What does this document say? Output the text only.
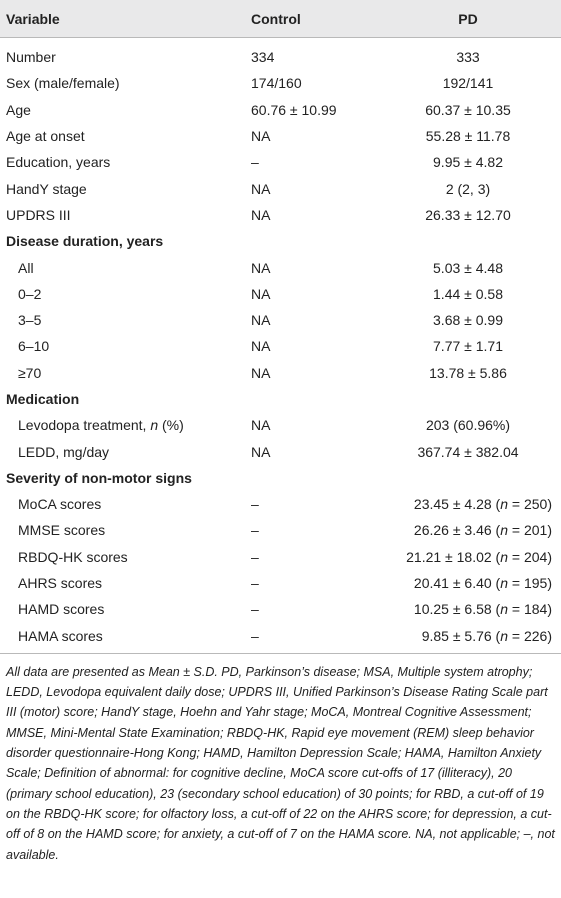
Variable	Control	PD
Number	334	333
Sex (male/female)	174/160	192/141
Age	60.76 ± 10.99	60.37 ± 10.35
Age at onset	NA	55.28 ± 11.78
Education, years	–	9.95 ± 4.82
HandY stage	NA	2 (2, 3)
UPDRS III	NA	26.33 ± 12.70
Disease duration, years		
All	NA	5.03 ± 4.48
0–2	NA	1.44 ± 0.58
3–5	NA	3.68 ± 0.99
6–10	NA	7.77 ± 1.71
≥70	NA	13.78 ± 5.86
Medication		
Levodopa treatment, n (%)	NA	203 (60.96%)
LEDD, mg/day	NA	367.74 ± 382.04
Severity of non-motor signs		
MoCA scores	–	23.45 ± 4.28 (n = 250)
MMSE scores	–	26.26 ± 3.46 (n = 201)
RBDQ-HK scores	–	21.21 ± 18.02 (n = 204)
AHRS scores	–	20.41 ± 6.40 (n = 195)
HAMD scores	–	10.25 ± 6.58 (n = 184)
HAMA scores	–	9.85 ± 5.76 (n = 226)

All data are presented as Mean ± S.D. PD, Parkinson’s disease; MSA, Multiple system atrophy; LEDD, Levodopa equivalent daily dose; UPDRS III, Unified Parkinson’s Disease Rating Scale part III (motor) score; HandY stage, Hoehn and Yahr stage; MoCA, Montreal Cognitive Assessment; MMSE, Mini-Mental State Examination; RBDQ-HK, Rapid eye movement (REM) sleep behavior disorder questionnaire-Hong Kong; HAMD, Hamilton Depression Scale; HAMA, Hamilton Anxiety Scale; Definition of abnormal: for cognitive decline, MoCA score cut-offs of 17 (illiteracy), 20 (primary school education), 23 (secondary school education) of 30 points; for RBD, a cut-off of 19 on the RBDQ-HK score; for olfactory loss, a cut-off of 22 on the AHRS score; for depression, a cut-off of 8 on the HAMD score; for anxiety, a cut-off of 7 on the HAMA score. NA, not applicable; –, not available.
